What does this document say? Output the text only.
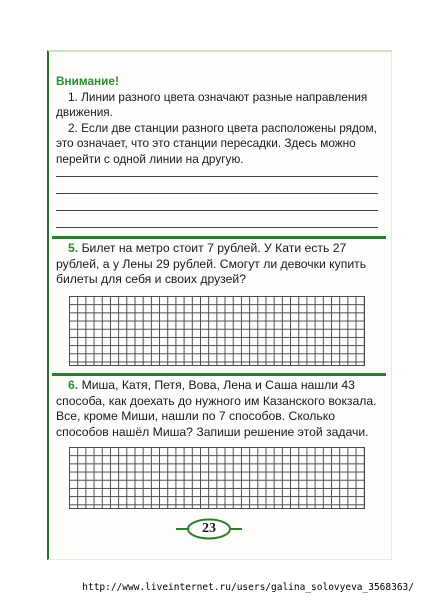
Внимание!

1. Линии разного цвета означают разные направления движения.

2. Если две станции разного цвета расположены рядом, это означает, что это станции пересадки. Здесь можно перейти с одной линии на другую.

5. Билет на метро стоит 7 рублей. У Кати есть 27 рублей, а у Лены 29 рублей. Смогут ли девочки купить билеты для себя и своих друзей?
6. Миша, Катя, Петя, Вова, Лена и Саша нашли 43 способа, как доехать до нужного им Казанского вокзала. Все, кроме Миши, нашли по 7 способов. Сколько способов нашёл Миша? Запиши решение этой задачи.
23
http://www.liveinternet.ru/users/galina_solovyeva_3568363/
